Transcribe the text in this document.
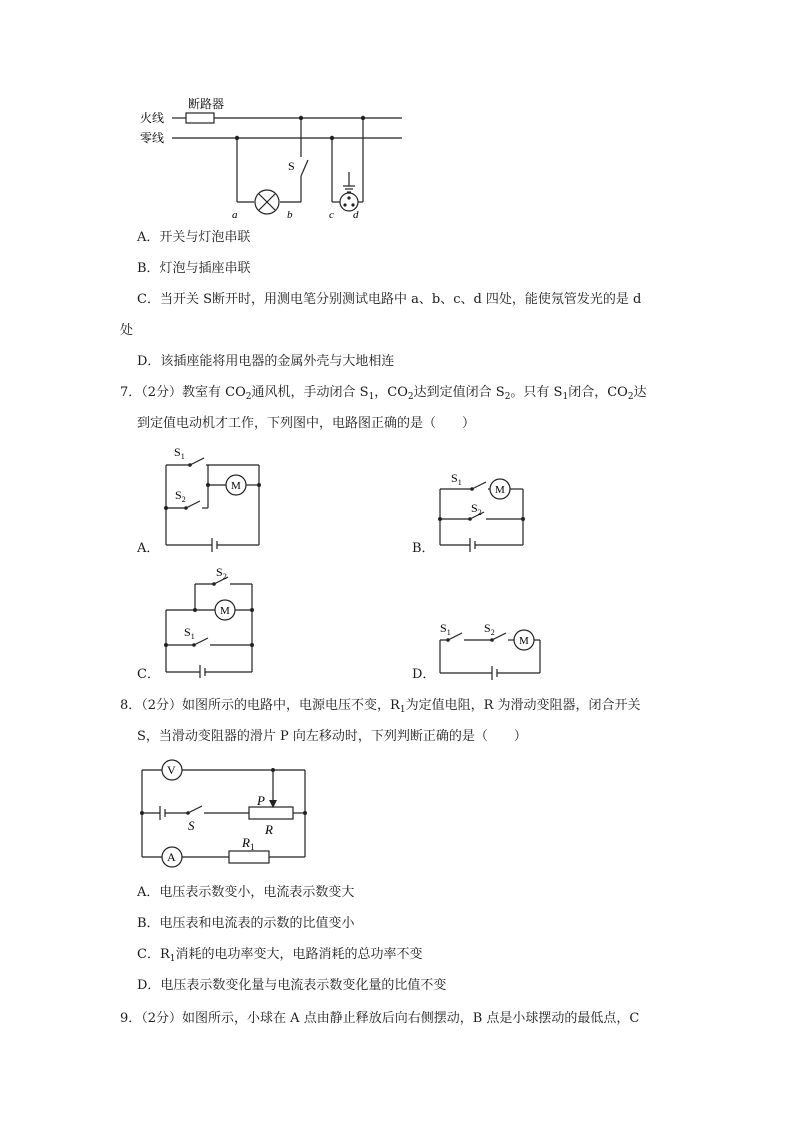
火线
零线
断路器
S
a	b	c d
A．开关与灯泡串联
B．灯泡与插座串联
C．当开关 S断开时，用测电笔分别测试电路中 a、b、c、d 四处，能使氖管发光的是 d
处
D．该插座能将用电器的金属外壳与大地相连
7．（2分）教室有 $CO_2$通风机，手动闭合 $S_1$，$CO_2$达到定值闭合 $S_2$。只有 $S_1$闭合，$CO_2$达
到定值电动机才工作，下列图中，电路图正确的是（　　）
$S_1$
$S_2$
M
A．
$S_1$
$S_2$
M
B．
$S_2$
$S_1$
M
C．
$S_1$	$S_2$
M
D．
8．（2分）如图所示的电路中，电源电压不变，$R_1$为定值电阻，R 为滑动变阻器，闭合开关
S，当滑动变阻器的滑片 P 向左移动时，下列判断正确的是（　　）
V
A
S
P
R
$R_1$
A．电压表示数变小，电流表示数变大
B．电压表和电流表的示数的比值变小
C．$R_1$消耗的电功率变大，电路消耗的总功率不变
D．电压表示数变化量与电流表示数变化量的比值不变
9．（2分）如图所示，小球在 A 点由静止释放后向右侧摆动，B 点是小球摆动的最低点，C
